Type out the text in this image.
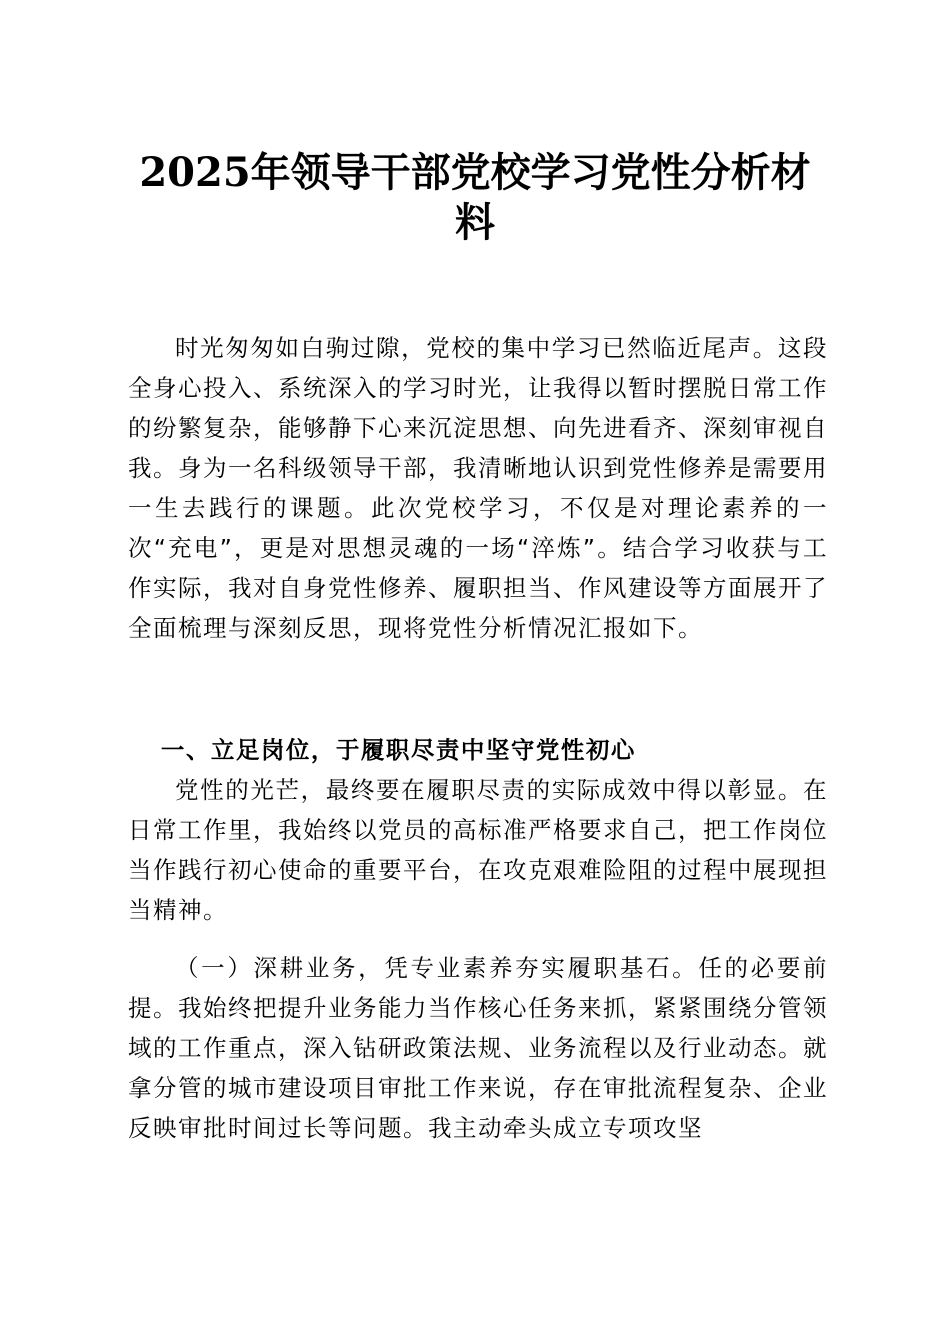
2025年领导干部党校学习党性分析材料

时光匆匆如白驹过隙，党校的集中学习已然临近尾声。这段全身心投入、系统深入的学习时光，让我得以暂时摆脱日常工作的纷繁复杂，能够静下心来沉淀思想、向先进看齐、深刻审视自我。身为一名科级领导干部，我清晰地认识到党性修养是需要用一生去践行的课题。此次党校学习，不仅是对理论素养的一次“充电”，更是对思想灵魂的一场“淬炼”。结合学习收获与工作实际，我对自身党性修养、履职担当、作风建设等方面展开了全面梳理与深刻反思，现将党性分析情况汇报如下。

一、立足岗位，于履职尽责中坚守党性初心

党性的光芒，最终要在履职尽责的实际成效中得以彰显。在日常工作里，我始终以党员的高标准严格要求自己，把工作岗位当作践行初心使命的重要平台，在攻克艰难险阻的过程中展现担当精神。

（一）深耕业务，凭专业素养夯实履职基石。任的必要前提。我始终把提升业务能力当作核心任务来抓，紧紧围绕分管领域的工作重点，深入钻研政策法规、业务流程以及行业动态。就拿分管的城市建设项目审批工作来说，存在审批流程复杂、企业反映审批时间过长等问题。我主动牵头成立专项攻坚
